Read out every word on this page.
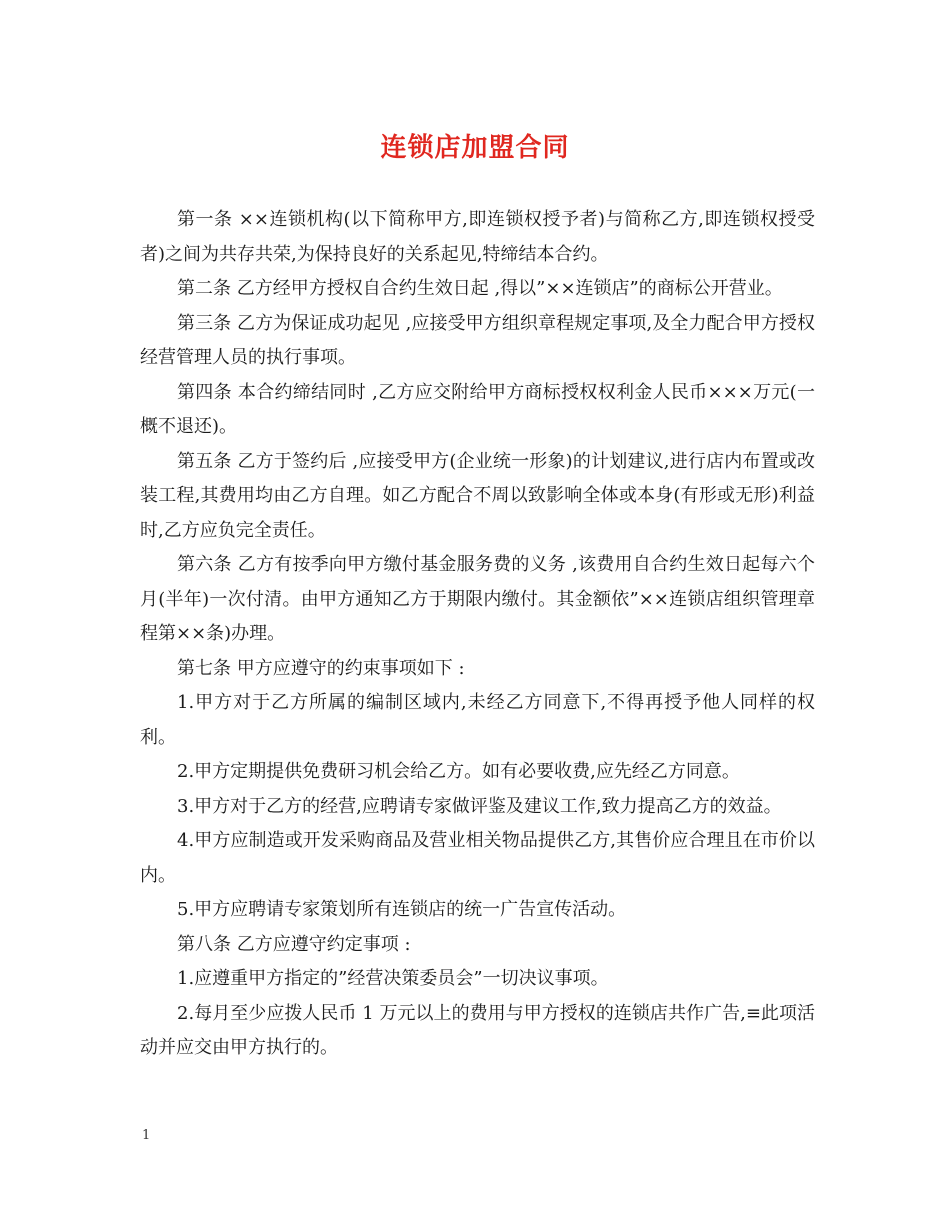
连锁店加盟合同

第一条 ××连锁机构(以下简称甲方,即连锁权授予者)与简称乙方,即连锁权授受者)之间为共存共荣,为保持良好的关系起见,特缔结本合约。

第二条 乙方经甲方授权自合约生效日起 ,得以”××连锁店”的商标公开营业。

第三条 乙方为保证成功起见 ,应接受甲方组织章程规定事项,及全力配合甲方授权经营管理人员的执行事项。

第四条 本合约缔结同时 ,乙方应交附给甲方商标授权权利金人民币×××万元(一概不退还)。

第五条 乙方于签约后 ,应接受甲方(企业统一形象)的计划建议,进行店内布置或改装工程,其费用均由乙方自理。如乙方配合不周以致影响全体或本身(有形或无形)利益时,乙方应负完全责任。

第六条 乙方有按季向甲方缴付基金服务费的义务 ,该费用自合约生效日起每六个月(半年)一次付清。由甲方通知乙方于期限内缴付。其金额依”××连锁店组织管理章程第××条)办理。

第七条 甲方应遵守的约束事项如下 :

1.甲方对于乙方所属的编制区域内,未经乙方同意下,不得再授予他人同样的权利。

2.甲方定期提供免费研习机会给乙方。如有必要收费,应先经乙方同意。

3.甲方对于乙方的经营,应聘请专家做评鉴及建议工作,致力提高乙方的效益。

4.甲方应制造或开发采购商品及营业相关物品提供乙方,其售价应合理且在市价以内。

5.甲方应聘请专家策划所有连锁店的统一广告宣传活动。

第八条 乙方应遵守约定事项 :

1.应遵重甲方指定的”经营决策委员会”一切决议事项。

2.每月至少应拨人民币 1 万元以上的费用与甲方授权的连锁店共作广告,≡此项活动并应交由甲方执行的。

1
